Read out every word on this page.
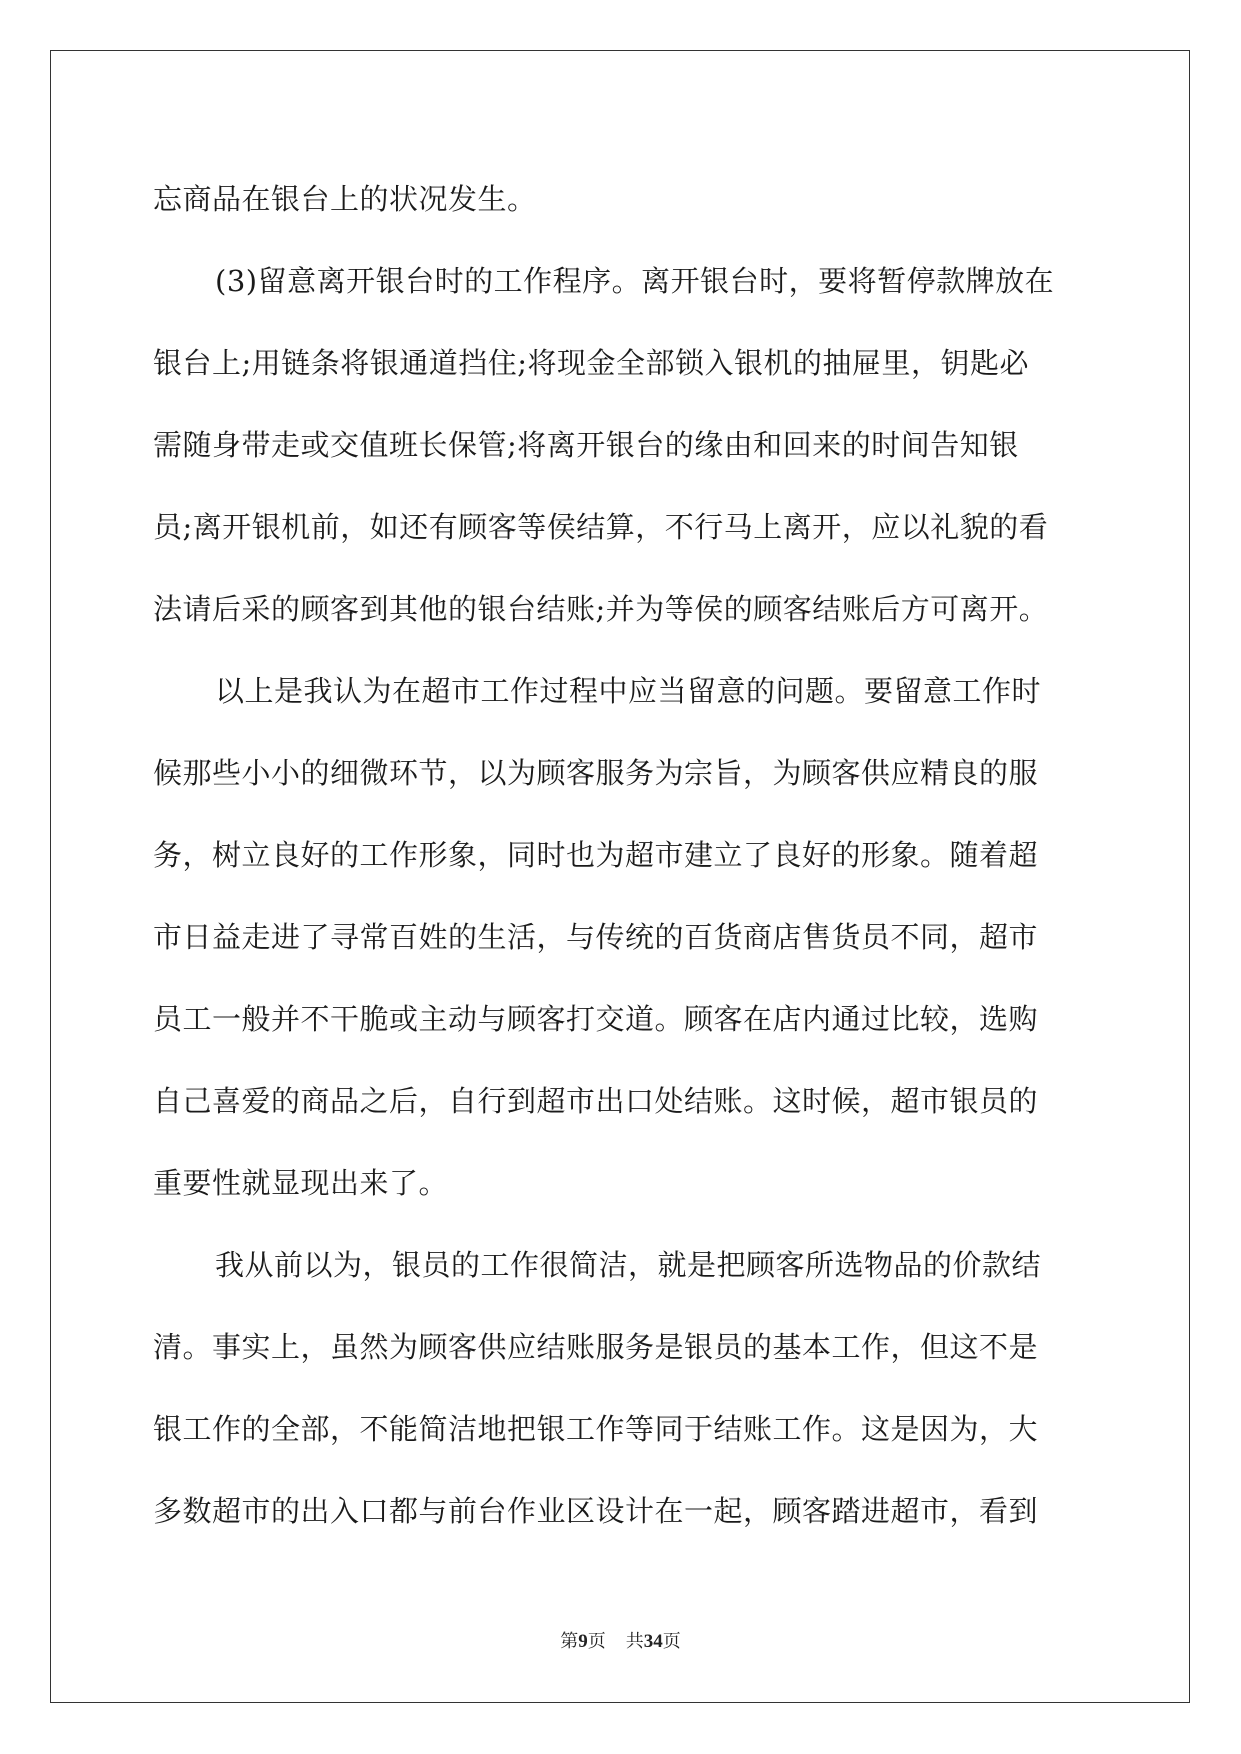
忘商品在银台上的状况发生。
(3)留意离开银台时的工作程序。离开银台时，要将暂停款牌放在
银台上;用链条将银通道挡住;将现金全部锁入银机的抽屉里，钥匙必
需随身带走或交值班长保管;将离开银台的缘由和回来的时间告知银
员;离开银机前，如还有顾客等侯结算，不行马上离开，应以礼貌的看
法请后采的顾客到其他的银台结账;并为等侯的顾客结账后方可离开。
以上是我认为在超市工作过程中应当留意的问题。要留意工作时
候那些小小的细微环节，以为顾客服务为宗旨，为顾客供应精良的服
务，树立良好的工作形象，同时也为超市建立了良好的形象。随着超
市日益走进了寻常百姓的生活，与传统的百货商店售货员不同，超市
员工一般并不干脆或主动与顾客打交道。顾客在店内通过比较，选购
自己喜爱的商品之后，自行到超市出口处结账。这时候，超市银员的
重要性就显现出来了。
我从前以为，银员的工作很简洁，就是把顾客所选物品的价款结
清。事实上，虽然为顾客供应结账服务是银员的基本工作，但这不是
银工作的全部，不能简洁地把银工作等同于结账工作。这是因为，大
多数超市的出入口都与前台作业区设计在一起，顾客踏进超市，看到
第9页 共34页
